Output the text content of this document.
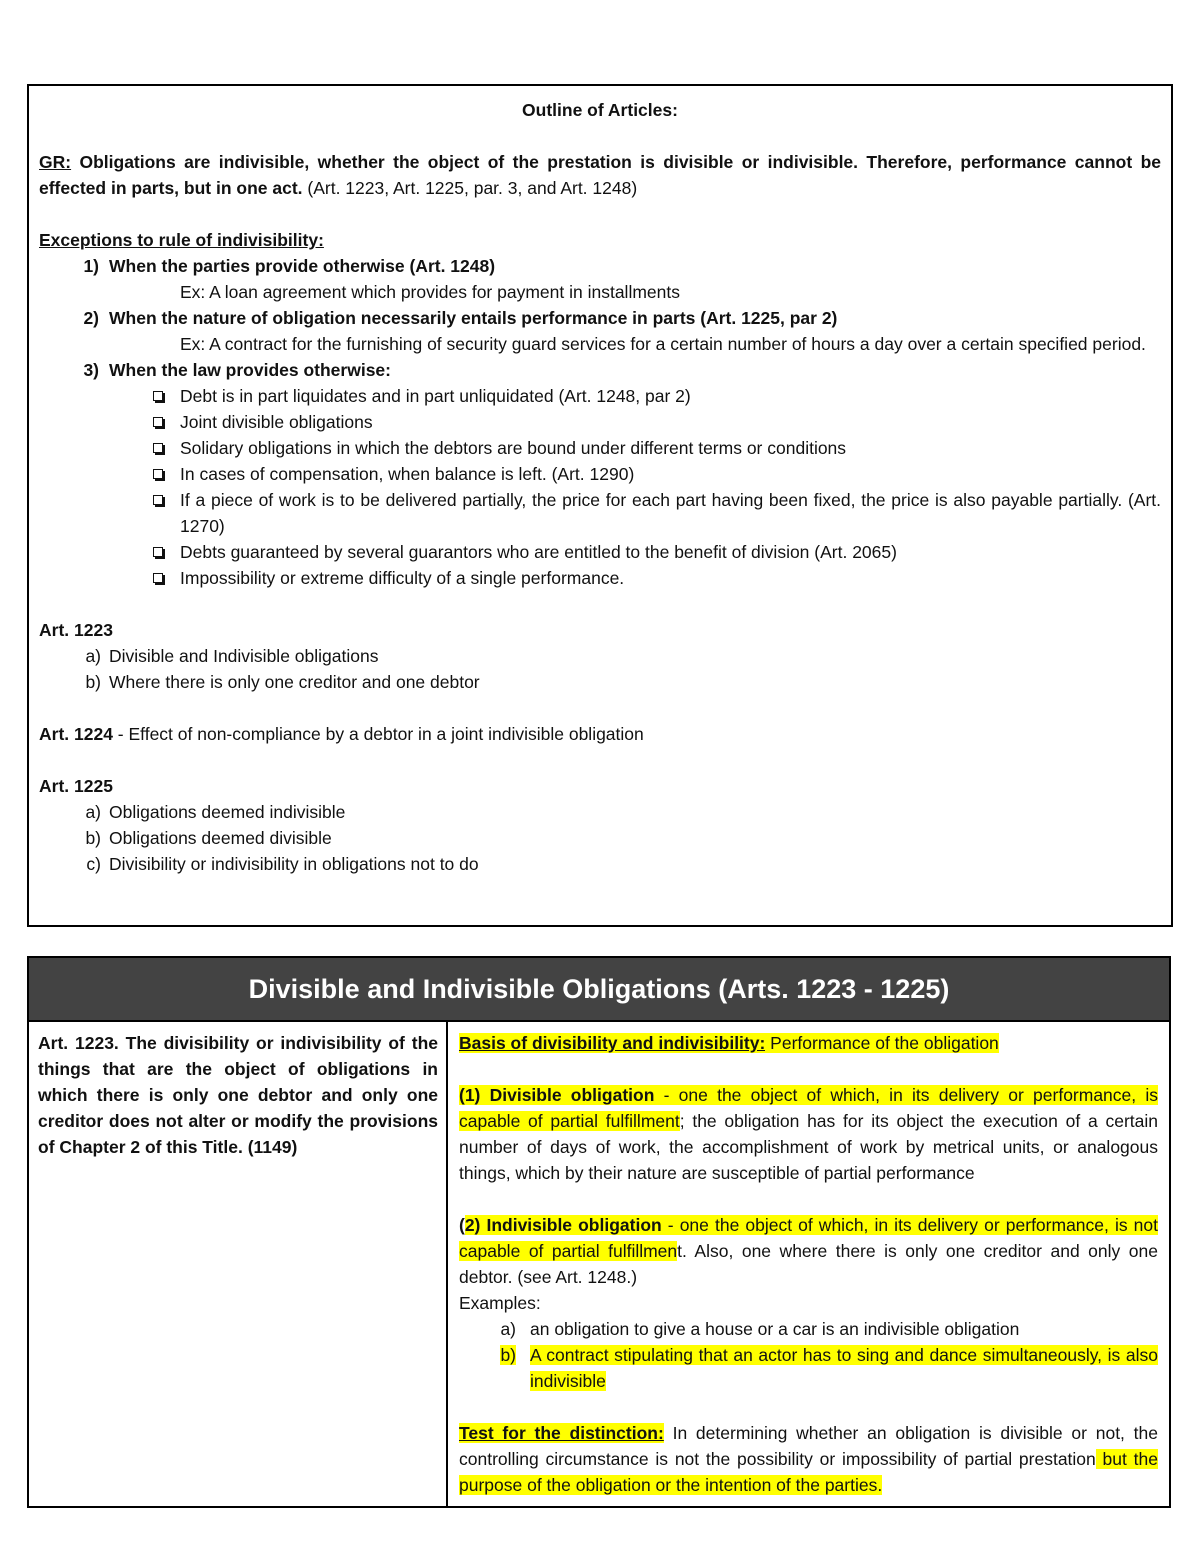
Outline of Articles:
GR: Obligations are indivisible, whether the object of the prestation is divisible or indivisible. Therefore, performance cannot be effected in parts, but in one act. (Art. 1223, Art. 1225, par. 3, and Art. 1248)
Exceptions to rule of indivisibility:
1) When the parties provide otherwise (Art. 1248)
Ex: A loan agreement which provides for payment in installments
2) When the nature of obligation necessarily entails performance in parts (Art. 1225, par 2)
Ex: A contract for the furnishing of security guard services for a certain number of hours a day over a certain specified period.
3) When the law provides otherwise:
Debt is in part liquidates and in part unliquidated (Art. 1248, par 2)
Joint divisible obligations
Solidary obligations in which the debtors are bound under different terms or conditions
In cases of compensation, when balance is left. (Art. 1290)
If a piece of work is to be delivered partially, the price for each part having been fixed, the price is also payable partially. (Art. 1270)
Debts guaranteed by several guarantors who are entitled to the benefit of division (Art. 2065)
Impossibility or extreme difficulty of a single performance.
Art. 1223
a) Divisible and Indivisible obligations
b) Where there is only one creditor and one debtor
Art. 1224 - Effect of non-compliance by a debtor in a joint indivisible obligation
Art. 1225
a) Obligations deemed indivisible
b) Obligations deemed divisible
c) Divisibility or indivisibility in obligations not to do
Divisible and Indivisible Obligations (Arts. 1223 - 1225)
Art. 1223. The divisibility or indivisibility of the things that are the object of obligations in which there is only one debtor and only one creditor does not alter or modify the provisions of Chapter 2 of this Title. (1149)
Basis of divisibility and indivisibility: Performance of the obligation
(1) Divisible obligation - one the object of which, in its delivery or performance, is capable of partial fulfillment; the obligation has for its object the execution of a certain number of days of work, the accomplishment of work by metrical units, or analogous things, which by their nature are susceptible of partial performance
(2) Indivisible obligation - one the object of which, in its delivery or performance, is not capable of partial fulfillment. Also, one where there is only one creditor and only one debtor. (see Art. 1248.)
Examples:
a) an obligation to give a house or a car is an indivisible obligation
b) A contract stipulating that an actor has to sing and dance simultaneously, is also indivisible
Test for the distinction: In determining whether an obligation is divisible or not, the controlling circumstance is not the possibility or impossibility of partial prestation but the purpose of the obligation or the intention of the parties.
